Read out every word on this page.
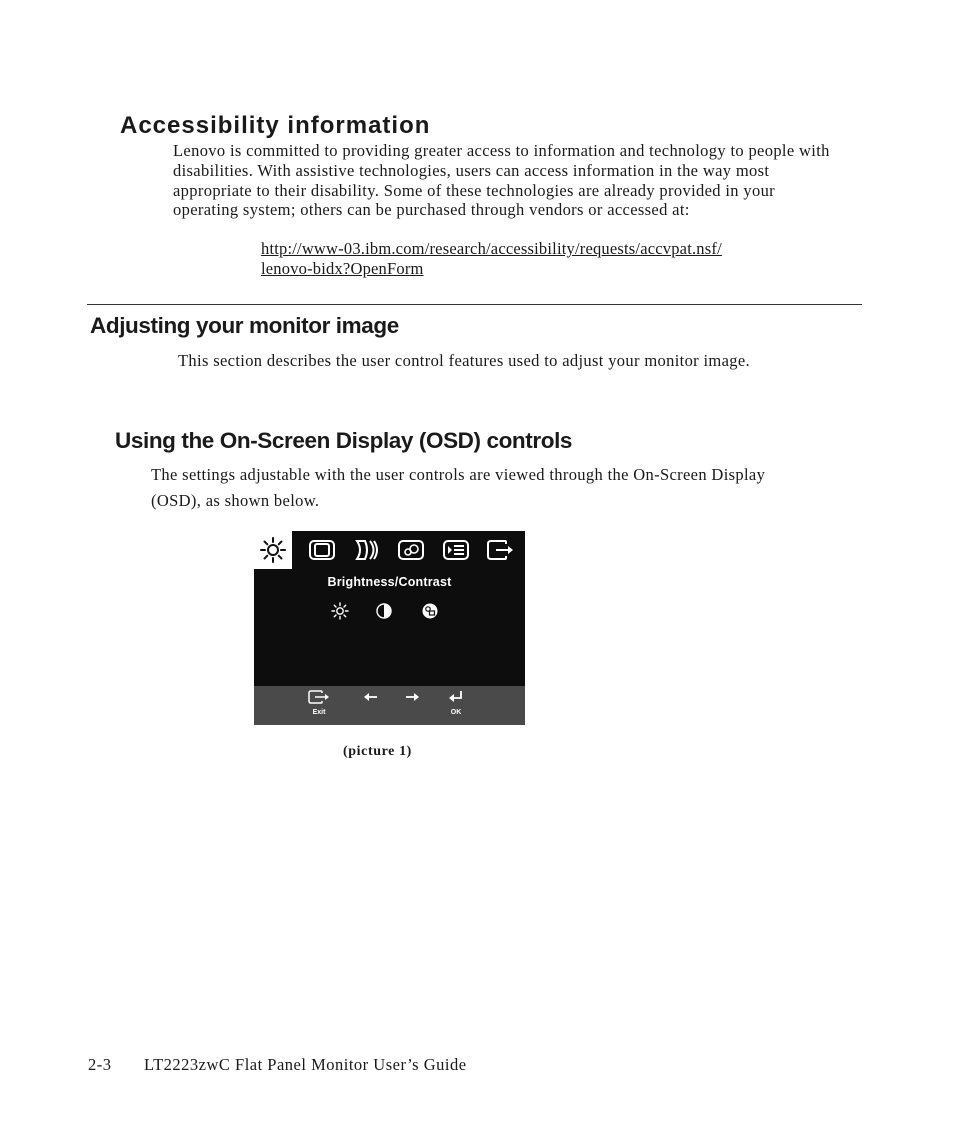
Accessibility information

Lenovo is committed to providing greater access to information and technology to people with disabilities. With assistive technologies, users can access information in the way most appropriate to their disability. Some of these technologies are already provided in your operating system; others can be purchased through vendors or accessed at:

http://www-03.ibm.com/research/accessibility/requests/accvpat.nsf/
lenovo-bidx?OpenForm
Adjusting your monitor image

This section describes the user control features used to adjust your monitor image.

Using the On-Screen Display (OSD) controls

The settings adjustable with the user controls are viewed through the On-Screen Display (OSD), as shown below.

Brightness/Contrast
Exit	OK

(picture 1)

2-3 LT2223zwC Flat Panel Monitor User’s Guide
